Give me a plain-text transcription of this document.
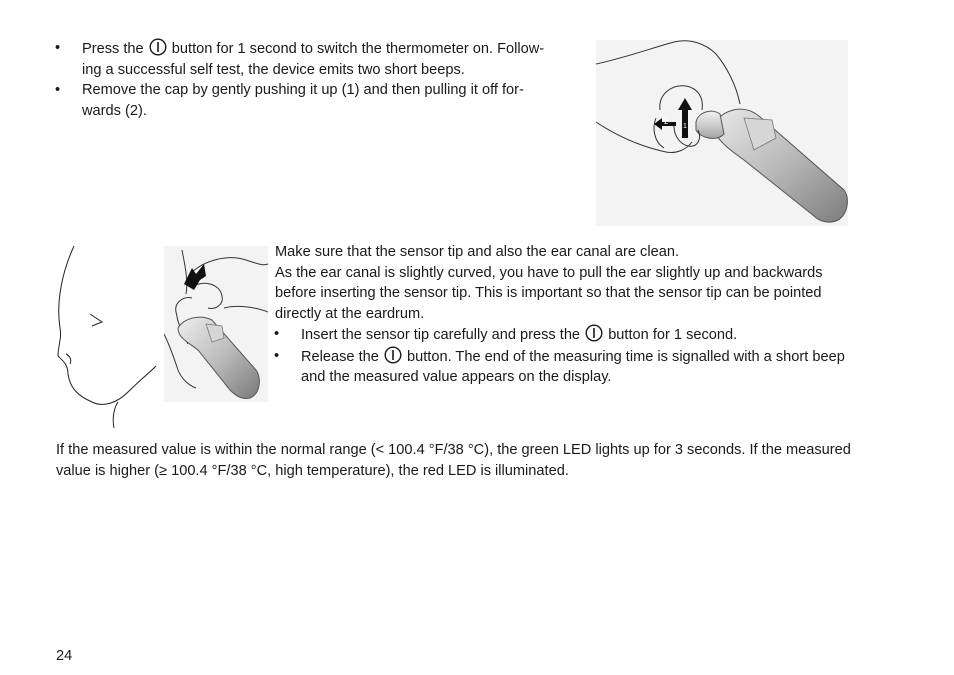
• Press the button for 1 second to switch the thermometer on. Follow-
ing a successful self test, the device emits two short beeps.
• Remove the cap by gently pushing it up (1) and then pulling it off for-
wards (2).
2
1
Make sure that the sensor tip and also the ear canal are clean.
As the ear canal is slightly curved, you have to pull the ear slightly up and backwards
before inserting the sensor tip. This is important so that the sensor tip can be pointed
directly at the eardrum.
• Insert the sensor tip carefully and press the button for 1 second.
• Release the button. The end of the measuring time is signalled with a short beep
and the measured value appears on the display.
If the measured value is within the normal range (< 100.4 °F/38 °C), the green LED lights up for 3 seconds. If the measured
value is higher (≥ 100.4 °F/38 °C, high temperature), the red LED is illuminated.
24
